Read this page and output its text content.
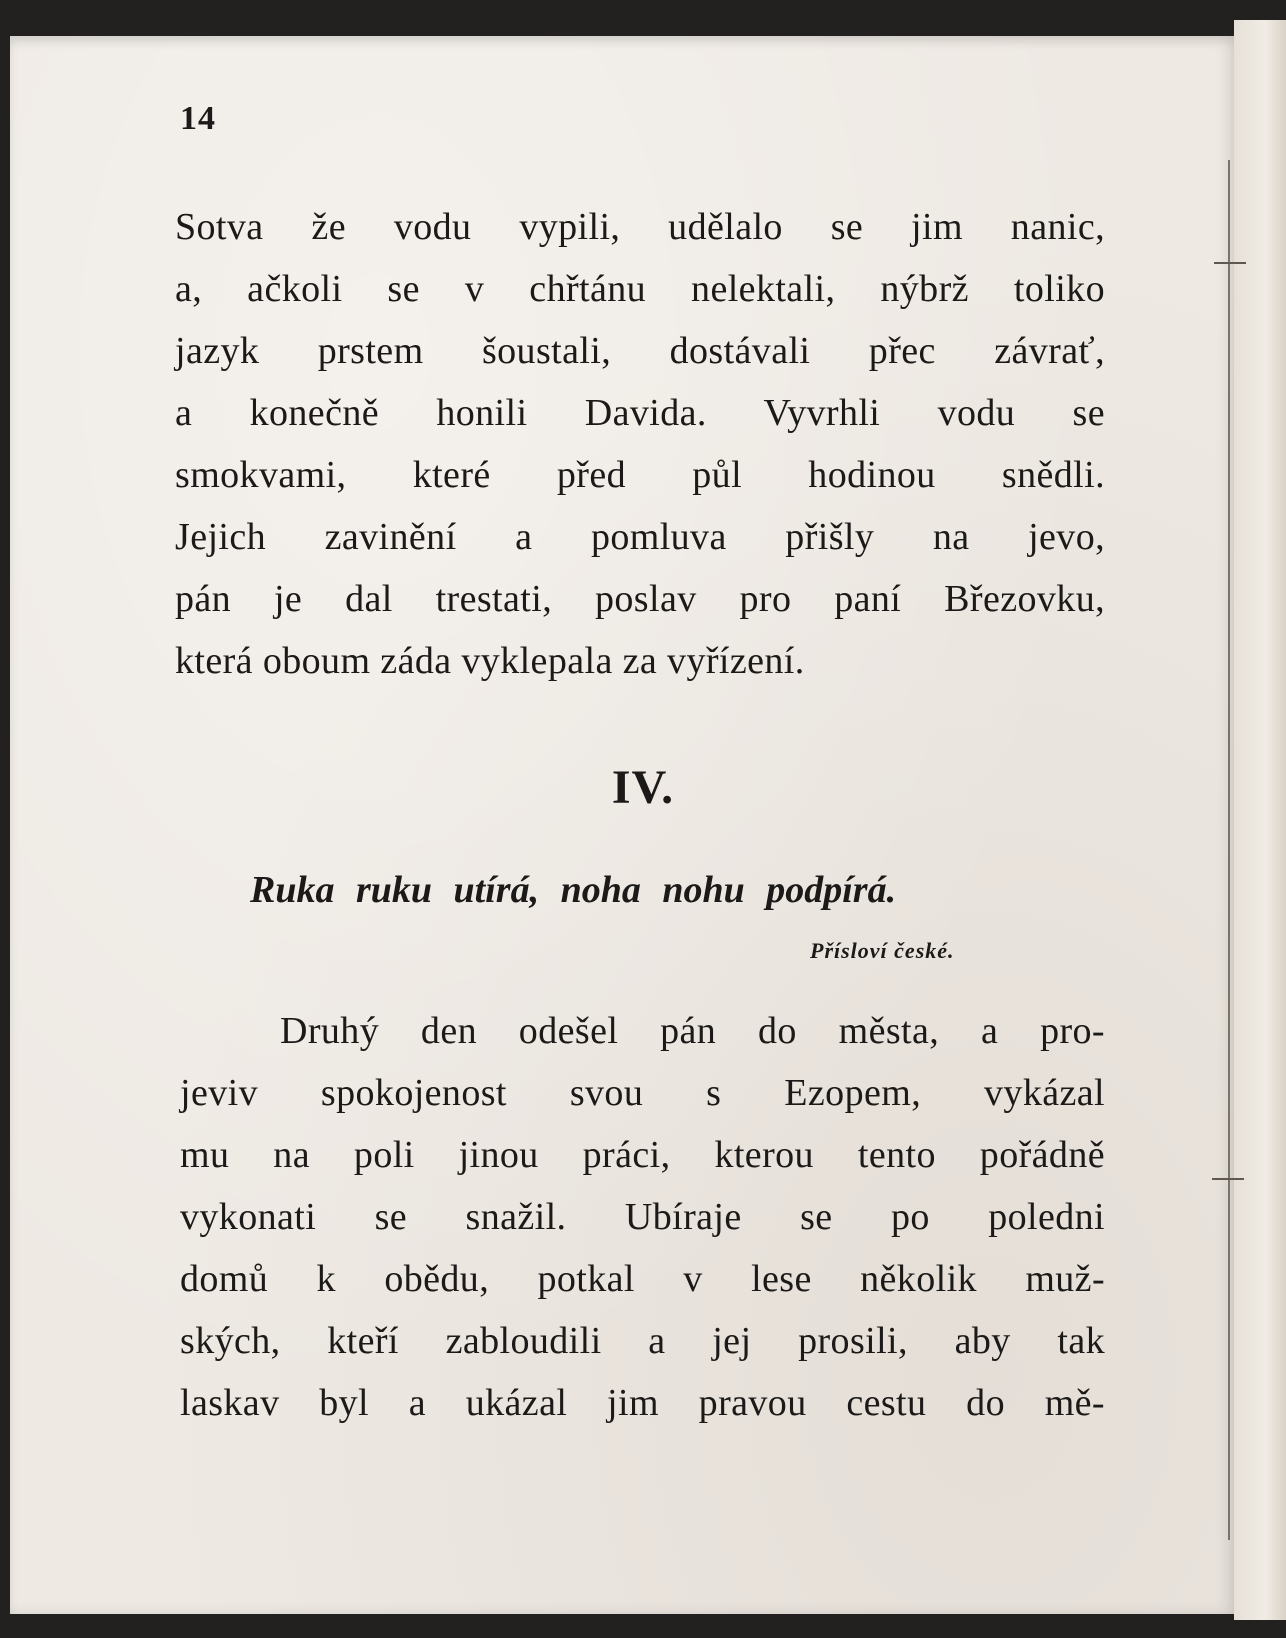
14
Sotva že vodu vypili, udělalo se jim nanic,
a, ačkoli se v chřtánu nelektali, nýbrž toliko
jazyk prstem šoustali, dostávali přec závrať,
a konečně honili Davida. Vyvrhli vodu se
smokvami, které před půl hodinou snědli.
Jejich zavinění a pomluva přišly na jevo,
pán je dal trestati, poslav pro paní Březovku,
která oboum záda vyklepala za vyřízení.
IV.
Ruka ruku utírá, noha nohu podpírá.
Přísloví české.
Druhý den odešel pán do města, a pro-
jeviv spokojenost svou s Ezopem, vykázal
mu na poli jinou práci, kterou tento pořádně
vykonati se snažil. Ubíraje se po poledni
domů k obědu, potkal v lese několik muž-
ských, kteří zabloudili a jej prosili, aby tak
laskav byl a ukázal jim pravou cestu do mě-
